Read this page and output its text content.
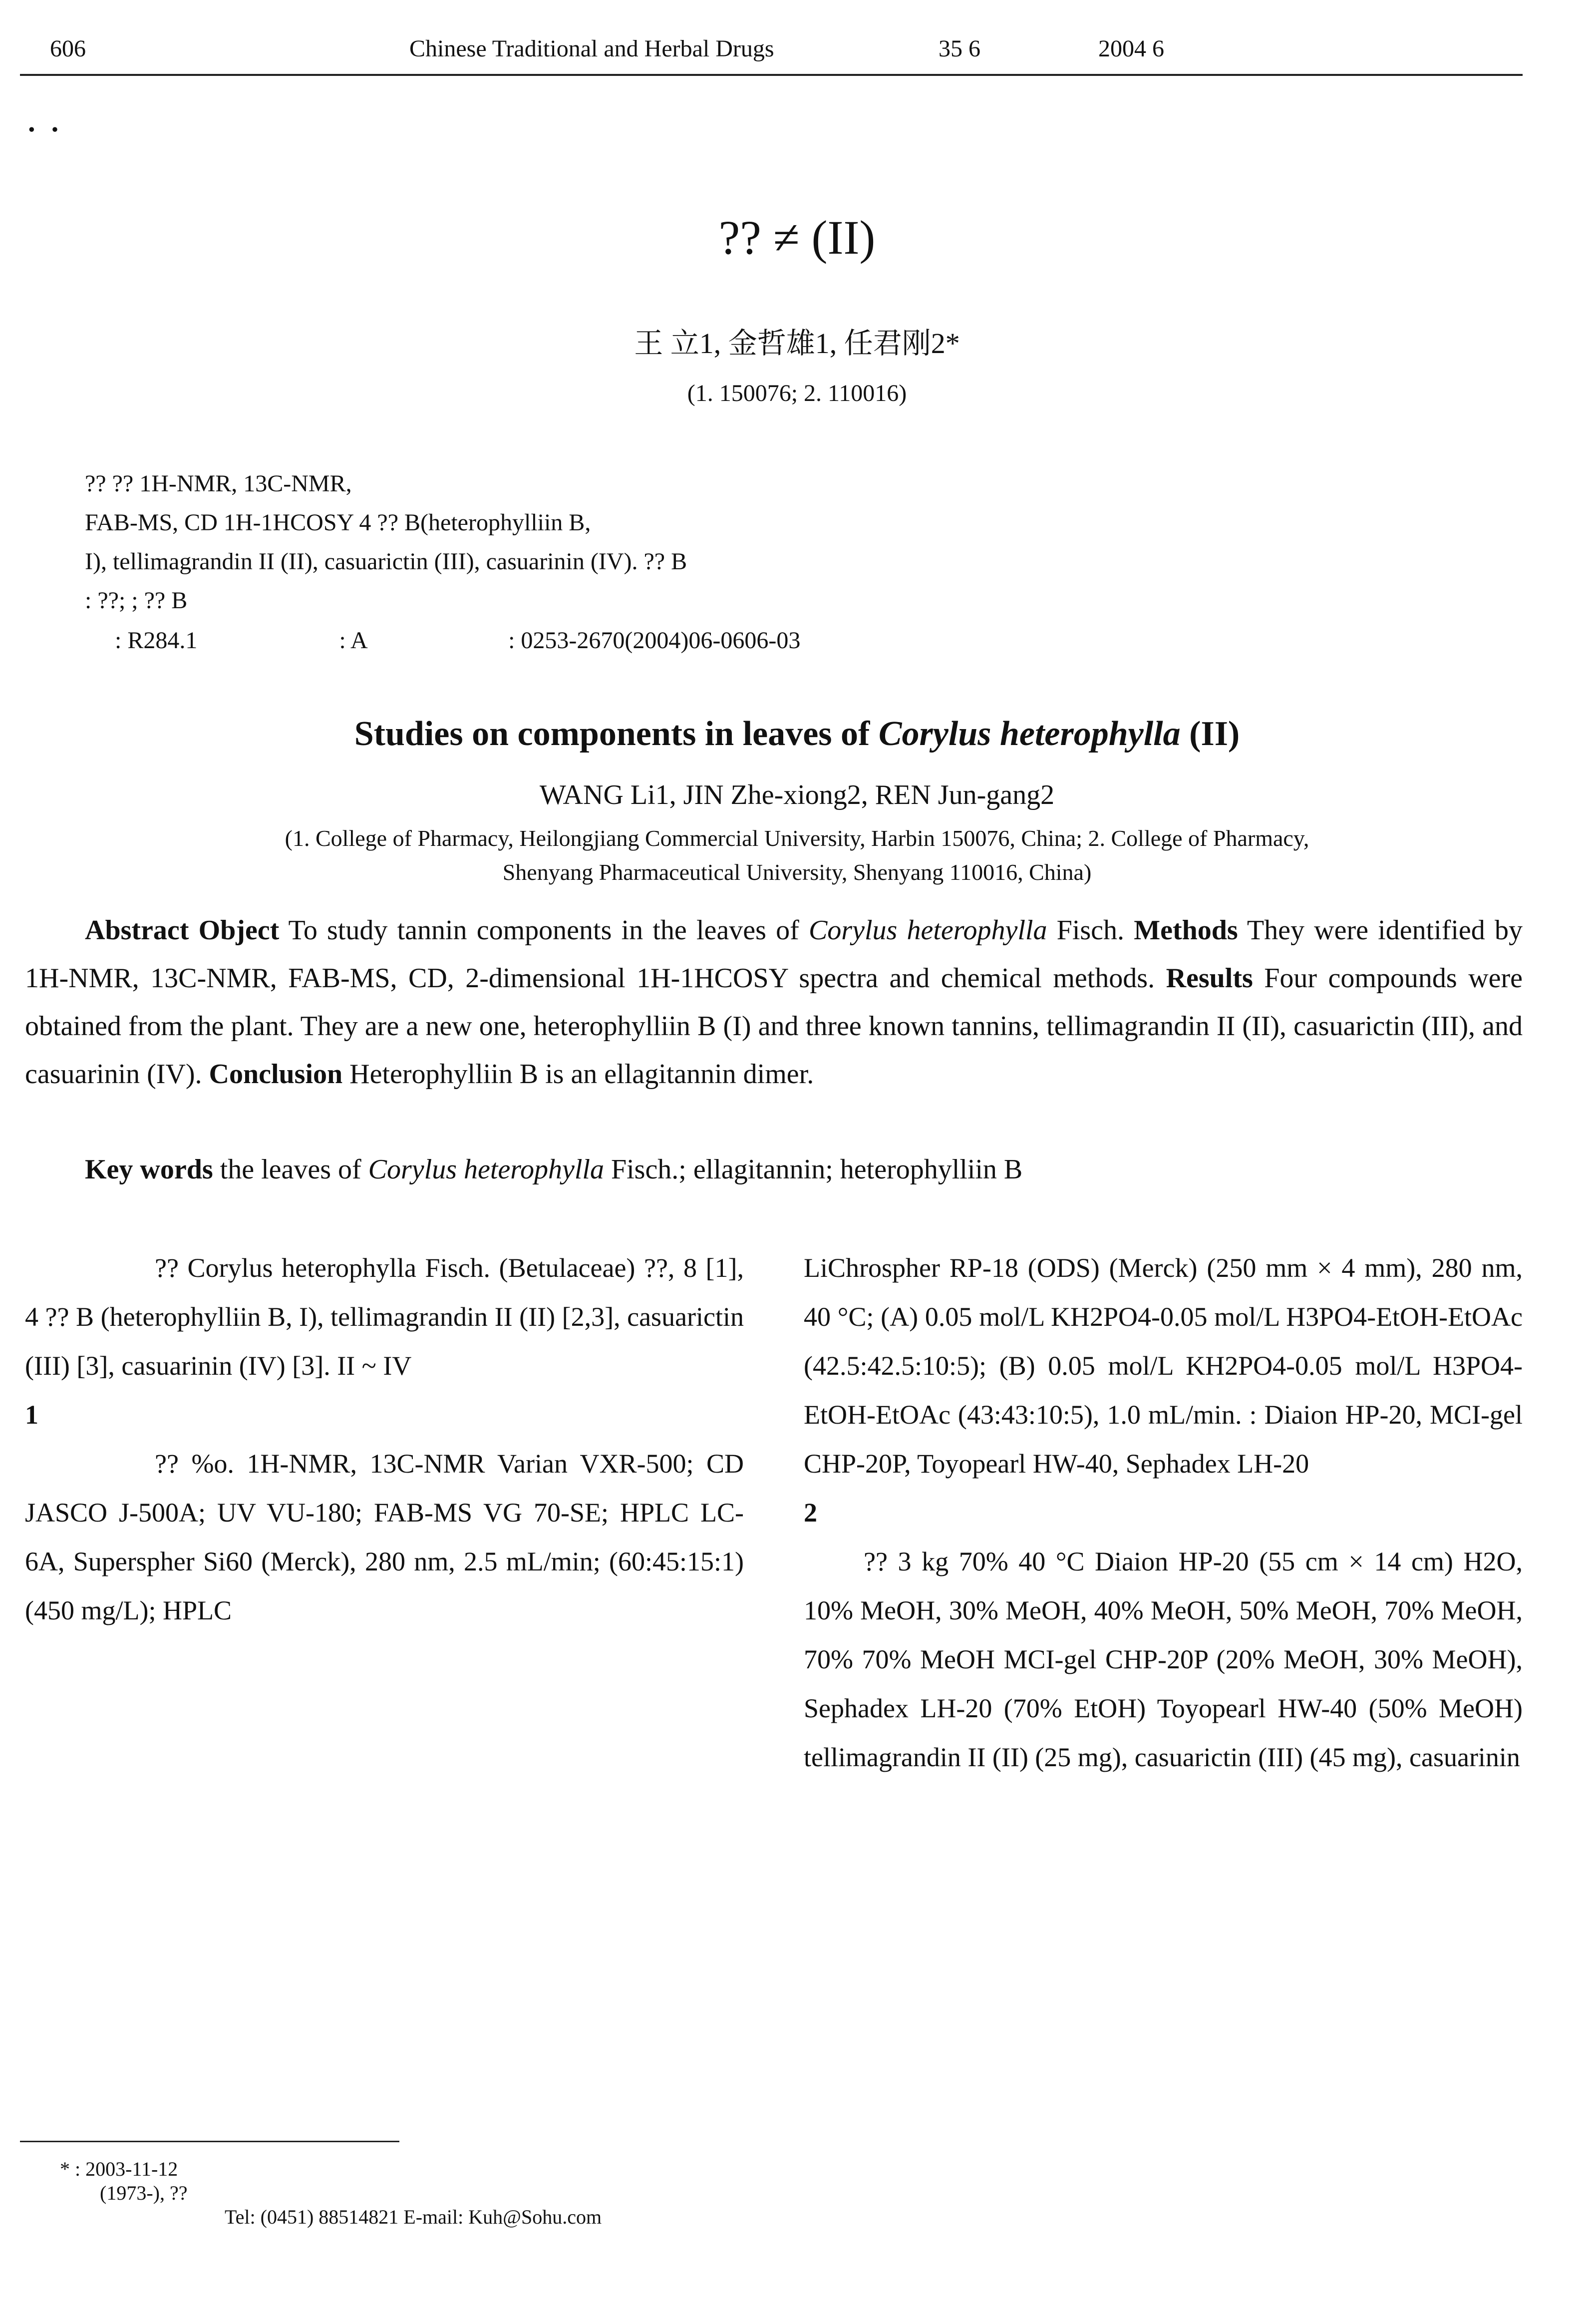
606	Chinese Traditional and Herbal Drugs	35 6	2004 6
· ·
?? ≠ (II)
王 立1, 金哲雄1, 任君刚2*
(1. 150076; 2. 110016)
?? ?? 1H-NMR, 13C-NMR,
FAB-MS, CD 1H-1HCOSY 4 ?? B(heterophylliin B,
I), tellimagrandin II (II), casuarictin (III), casuarinin (IV). ?? B
: ??; ; ?? B
: R284.1	: A	: 0253-2670(2004)06-0606-03
Studies on components in leaves of Corylus heterophylla (II)
WANG Li1, JIN Zhe-xiong2, REN Jun-gang2
(1. College of Pharmacy, Heilongjiang Commercial University, Harbin 150076, China; 2. College of Pharmacy,
Shenyang Pharmaceutical University, Shenyang 110016, China)
Abstract Object To study tannin components in the leaves of Corylus heterophylla Fisch. Methods They were identified by 1H-NMR, 13C-NMR, FAB-MS, CD, 2-dimensional 1H-1HCOSY spectra and chemical methods. Results Four compounds were obtained from the plant. They are a new one, heterophylliin B (I) and three known tannins, tellimagrandin II (II), casuarictin (III), and casuarinin (IV). Conclusion Heterophylliin B is an ellagitannin dimer.
Key words the leaves of Corylus heterophylla Fisch.; ellagitannin; heterophylliin B
?? Corylus heterophylla Fisch. (Betulaceae) ??, 8 [1], 4 ?? B (heterophylliin B, I), tellimagrandin II (II) [2,3], casuarictin (III) [3], casuarinin (IV) [3]. II ~ IV
1
?? %o. 1H-NMR, 13C-NMR Varian VXR-500; CD JASCO J-500A; UV VU-180; FAB-MS VG 70-SE; HPLC LC-6A, Superspher Si60 (Merck), 280 nm, 2.5 mL/min; (60:45:15:1) (450 mg/L); HPLC
LiChrospher RP-18 (ODS) (Merck) (250 mm × 4 mm), 280 nm, 40 °C; (A) 0.05 mol/L KH2PO4-0.05 mol/L H3PO4-EtOH-EtOAc (42.5:42.5:10:5); (B) 0.05 mol/L KH2PO4-0.05 mol/L H3PO4-EtOH-EtOAc (43:43:10:5), 1.0 mL/min. : Diaion HP-20, MCI-gel CHP-20P, Toyopearl HW-40, Sephadex LH-20
2
?? 3 kg 70% 40 °C Diaion HP-20 (55 cm × 14 cm) H2O, 10% MeOH, 30% MeOH, 40% MeOH, 50% MeOH, 70% MeOH, 70% 70% MeOH MCI-gel CHP-20P (20% MeOH, 30% MeOH), Sephadex LH-20 (70% EtOH) Toyopearl HW-40 (50% MeOH) tellimagrandin II (II) (25 mg), casuarictin (III) (45 mg), casuarinin
* : 2003-11-12
(1973-), ??
Tel: (0451) 88514821 E-mail: Kuh@Sohu.com
